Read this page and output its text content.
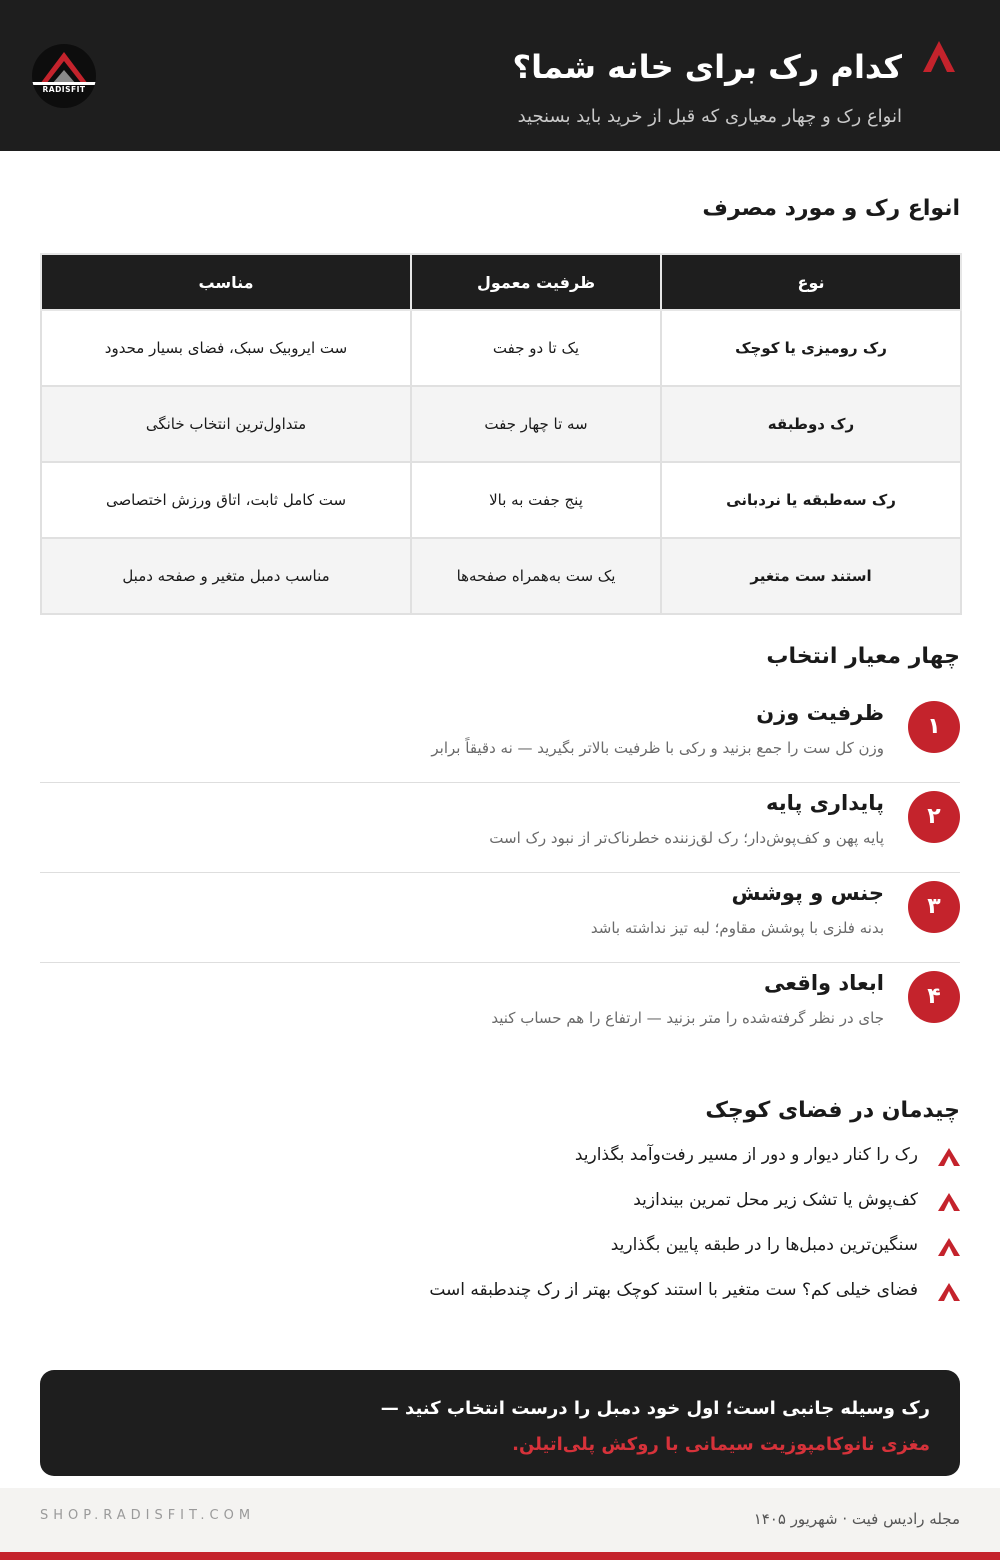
RADISFIT
کدام رک برای خانه شما؟
انواع رک و چهار معیاری که قبل از خرید باید بسنجید
انواع رک و مورد مصرف
نوع	ظرفیت معمول	مناسب
رک رومیزی یا کوچک	یک تا دو جفت	ست ایروبیک سبک، فضای بسیار محدود
رک دوطبقه	سه تا چهار جفت	متداول‌ترین انتخاب خانگی
رک سه‌طبقه یا نردبانی	پنج جفت به بالا	ست کامل ثابت، اتاق ورزش اختصاصی
استند ست متغیر	یک ست به‌همراه صفحه‌ها	مناسب دمبل متغیر و صفحه دمبل
چهار معیار انتخاب
۱
ظرفیت وزن
وزن کل ست را جمع بزنید و رکی با ظرفیت بالاتر بگیرید — نه دقیقاً برابر
۲
پایداری پایه
پایه پهن و کف‌پوش‌دار؛ رک لق‌زننده خطرناک‌تر از نبود رک است
۳
جنس و پوشش
بدنه فلزی با پوشش مقاوم؛ لبه تیز نداشته باشد
۴
ابعاد واقعی
جای در نظر گرفته‌شده را متر بزنید — ارتفاع را هم حساب کنید
چیدمان در فضای کوچک
رک را کنار دیوار و دور از مسیر رفت‌وآمد بگذارید
کف‌پوش یا تشک زیر محل تمرین بیندازید
سنگین‌ترین دمبل‌ها را در طبقه پایین بگذارید
فضای خیلی کم؟ ست متغیر با استند کوچک بهتر از رک چندطبقه است
رک وسیله جانبی است؛ اول خود دمبل را درست انتخاب کنید —
مغزی نانوکامپوزیت سیمانی با روکش پلی‌اتیلن.
مجله رادیس فیت · شهریور ۱۴۰۵
SHOP.RADISFIT.COM
